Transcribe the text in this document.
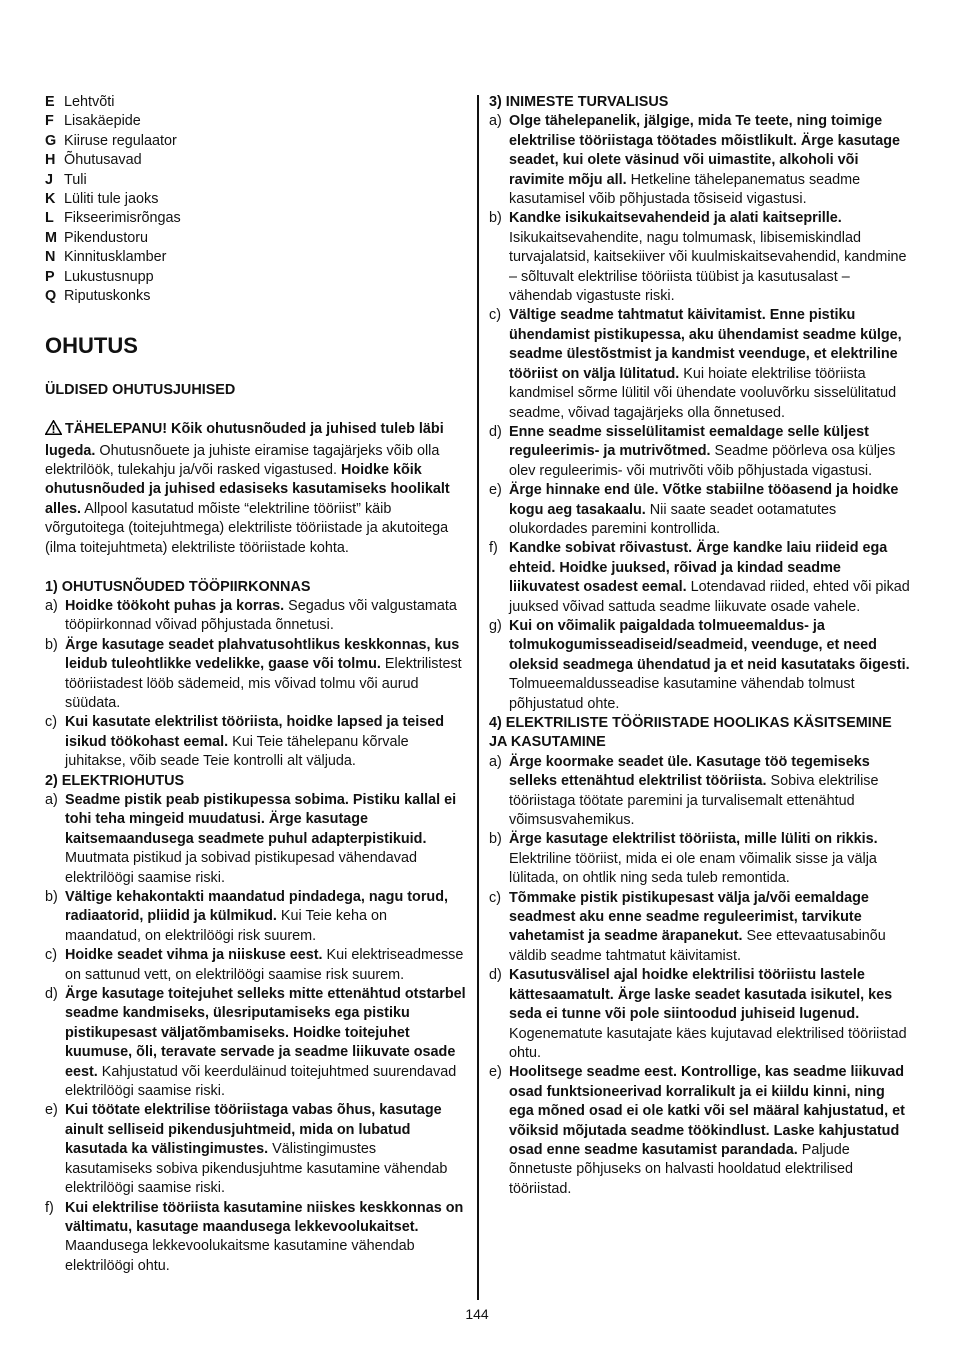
E Lehtvõti
F Lisakäepide
G Kiiruse regulaator
H Õhutusavad
J Tuli
K Lüliti tule jaoks
L Fikseerimisrõngas
M Pikendustoru
N Kinnitusklamber
P Lukustusnupp
Q Riputuskonks
OHUTUS
ÜLDISED OHUTUSJUHISED

TÄHELEPANU! Kõik ohutusnõuded ja juhised tuleb läbi lugeda. Ohutusnõuete ja juhiste eiramise tagajärjeks võib olla elektrilöök, tulekahju ja/või rasked vigastused. Hoidke kõik ohutusnõuded ja juhised edasiseks kasutamiseks hoolikalt alles. Allpool kasutatud mõiste “elektriline tööriist” käib võrgutoitega (toitejuhtmega) elektriliste tööriistade ja akutoitega (ilma toitejuhtmeta) elektriliste tööriistade kohta.

1) OHUTUSNÕUDED TÖÖPIIRKONNAS
a) Hoidke töökoht puhas ja korras. Segadus või valgustamata tööpiirkonnad võivad põhjustada õnnetusi.
b) Ärge kasutage seadet plahvatusohtlikus keskkonnas, kus leidub tuleohtlikke vedelikke, gaase või tolmu. Elektrilistest tööriistadest lööb sädemeid, mis võivad tolmu või aurud süüdata.
c) Kui kasutate elektrilist tööriista, hoidke lapsed ja teised isikud töökohast eemal. Kui Teie tähelepanu kõrvale juhitakse, võib seade Teie kontrolli alt väljuda.
2) ELEKTRIOHUTUS
a) Seadme pistik peab pistikupessa sobima. Pistiku kallal ei tohi teha mingeid muudatusi. Ärge kasutage kaitsemaandusega seadmete puhul adapterpistikuid. Muutmata pistikud ja sobivad pistikupesad vähendavad elektrilöögi saamise riski.
b) Vältige kehakontakti maandatud pindadega, nagu torud, radiaatorid, pliidid ja külmikud. Kui Teie keha on maandatud, on elektrilöögi risk suurem.
c) Hoidke seadet vihma ja niiskuse eest. Kui elektriseadmesse on sattunud vett, on elektrilöögi saamise risk suurem.
d) Ärge kasutage toitejuhet selleks mitte ettenähtud otstarbel seadme kandmiseks, ülesriputamiseks ega pistiku pistikupesast väljatõmbamiseks. Hoidke toitejuhet kuumuse, õli, teravate servade ja seadme liikuvate osade eest. Kahjustatud või keerduläinud toitejuhtmed suurendavad elektrilöögi saamise riski.
e) Kui töötate elektrilise tööriistaga vabas õhus, kasutage ainult selliseid pikendusjuhtmeid, mida on lubatud kasutada ka välistingimustes. Välistingimustes kasutamiseks sobiva pikendusjuhtme kasutamine vähendab elektrilöögi saamise riski.
f) Kui elektrilise tööriista kasutamine niiskes keskkonnas on vältimatu, kasutage maandusega lekkevoolukaitset. Maandusega lekkevoolukaitsme kasutamine vähendab elektrilöögi ohtu.
3) INIMESTE TURVALISUS
a) Olge tähelepanelik, jälgige, mida Te teete, ning toimige elektrilise tööriistaga töötades mõistlikult. Ärge kasutage seadet, kui olete väsinud või uimastite, alkoholi või ravimite mõju all. Hetkeline tähelepanematus seadme kasutamisel võib põhjustada tõsiseid vigastusi.
b) Kandke isikukaitsevahendeid ja alati kaitseprille. Isikukaitsevahendite, nagu tolmumask, libisemiskindlad turvajalatsid, kaitsekiiver või kuulmiskaitsevahendid, kandmine – sõltuvalt elektrilise tööriista tüübist ja kasutusalast – vähendab vigastuste riski.
c) Vältige seadme tahtmatut käivitamist. Enne pistiku ühendamist pistikupessa, aku ühendamist seadme külge, seadme ülestõstmist ja kandmist veenduge, et elektriline tööriist on välja lülitatud. Kui hoiate elektrilise tööriista kandmisel sõrme lülitil või ühendate vooluvõrku sisselülitatud seadme, võivad tagajärjeks olla õnnetused.
d) Enne seadme sisselülitamist eemaldage selle küljest reguleerimis- ja mutrivõtmed. Seadme pöörleva osa küljes olev reguleerimis- või mutrivõti võib põhjustada vigastusi.
e) Ärge hinnake end üle. Võtke stabiilne tööasend ja hoidke kogu aeg tasakaalu. Nii saate seadet ootamatutes olukordades paremini kontrollida.
f) Kandke sobivat rõivastust. Ärge kandke laiu riideid ega ehteid. Hoidke juuksed, rõivad ja kindad seadme liikuvatest osadest eemal. Lotendavad riided, ehted või pikad juuksed võivad sattuda seadme liikuvate osade vahele.
g) Kui on võimalik paigaldada tolmueemaldus- ja tolmukogumisseadiseid/seadmeid, veenduge, et need oleksid seadmega ühendatud ja et neid kasutataks õigesti. Tolmueemaldusseadise kasutamine vähendab tolmust põhjustatud ohte.
4) ELEKTRILISTE TÖÖRIISTADE HOOLIKAS KÄSITSEMINE JA KASUTAMINE
a) Ärge koormake seadet üle. Kasutage töö tegemiseks selleks ettenähtud elektrilist tööriista. Sobiva elektrilise tööriistaga töötate paremini ja turvalisemalt ettenähtud võimsusvahemikus.
b) Ärge kasutage elektrilist tööriista, mille lüliti on rikkis. Elektriline tööriist, mida ei ole enam võimalik sisse ja välja lülitada, on ohtlik ning seda tuleb remontida.
c) Tõmmake pistik pistikupesast välja ja/või eemaldage seadmest aku enne seadme reguleerimist, tarvikute vahetamist ja seadme ärapanekut. See ettevaatusabinõu väldib seadme tahtmatut käivitamist.
d) Kasutusvälisel ajal hoidke elektrilisi tööriistu lastele kättesaamatult. Ärge laske seadet kasutada isikutel, kes seda ei tunne või pole siintoodud juhiseid lugenud. Kogenematute kasutajate käes kujutavad elektrilised tööriistad ohtu.
e) Hoolitsege seadme eest. Kontrollige, kas seadme liikuvad osad funktsioneerivad korralikult ja ei kiildu kinni, ning ega mõned osad ei ole katki või sel määral kahjustatud, et võiksid mõjutada seadme töökindlust. Laske kahjustatud osad enne seadme kasutamist parandada. Paljude õnnetuste põhjuseks on halvasti hooldatud elektrilised tööriistad.
144
